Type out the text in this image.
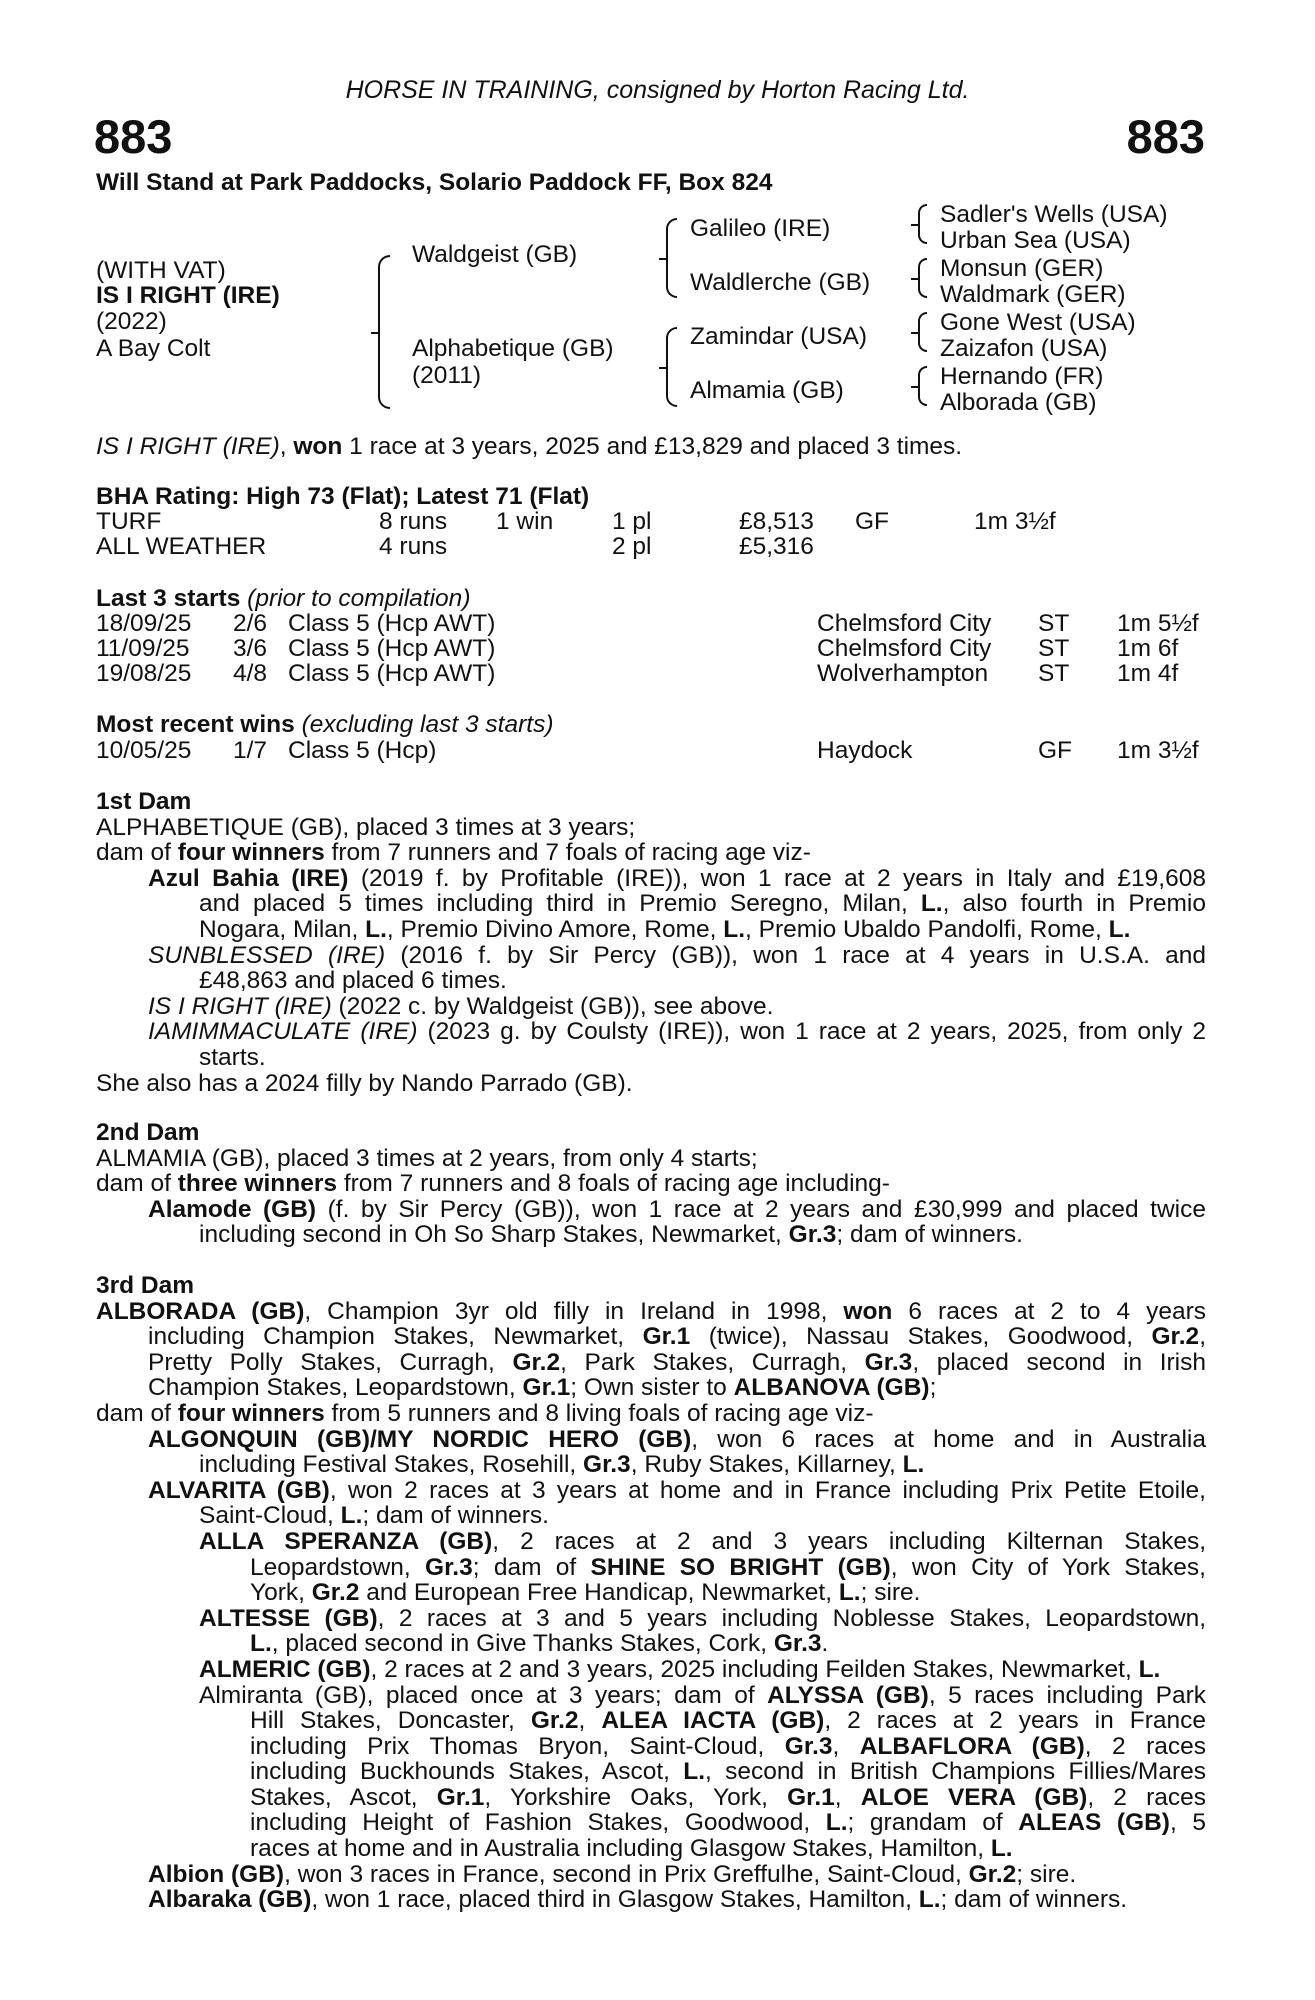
HORSE IN TRAINING, consigned by Horton Racing Ltd.
883	883
Will Stand at Park Paddocks, Solario Paddock FF, Box 824
(WITH VAT)
IS I RIGHT (IRE)
(2022)
A Bay Colt
Waldgeist (GB)
Alphabetique (GB)
(2011)
Galileo (IRE)
Waldlerche (GB)
Zamindar (USA)
Almamia (GB)
Sadler's Wells (USA)
Urban Sea (USA)
Monsun (GER)
Waldmark (GER)
Gone West (USA)
Zaizafon (USA)
Hernando (FR)
Alborada (GB)
IS I RIGHT (IRE), won 1 race at 3 years, 2025 and £13,829 and placed 3 times.
BHA Rating: High 73 (Flat); Latest 71 (Flat)
TURF	8 runs 1 win 1 pl	£8,513 GF	1m 3½f
ALL WEATHER	4 runs	2 pl	£5,316
Last 3 starts (prior to compilation)
18/09/25 2/6 Class 5 (Hcp AWT)	Chelmsford City ST 1m 5½f
11/09/25 3/6 Class 5 (Hcp AWT)	Chelmsford City ST 1m 6f
19/08/25 4/8 Class 5 (Hcp AWT)	Wolverhampton ST 1m 4f
Most recent wins (excluding last 3 starts)
10/05/25 1/7 Class 5 (Hcp)	Haydock	GF 1m 3½f
1st Dam
ALPHABETIQUE (GB), placed 3 times at 3 years;
dam of four winners from 7 runners and 7 foals of racing age viz-
Azul Bahia (IRE) (2019 f. by Profitable (IRE)), won 1 race at 2 years in Italy and £19,608
and placed 5 times including third in Premio Seregno, Milan, L., also fourth in Premio
Nogara, Milan, L., Premio Divino Amore, Rome, L., Premio Ubaldo Pandolfi, Rome, L.
SUNBLESSED (IRE) (2016 f. by Sir Percy (GB)), won 1 race at 4 years in U.S.A. and
£48,863 and placed 6 times.
IS I RIGHT (IRE) (2022 c. by Waldgeist (GB)), see above.
IAMIMMACULATE (IRE) (2023 g. by Coulsty (IRE)), won 1 race at 2 years, 2025, from only 2
starts.
She also has a 2024 filly by Nando Parrado (GB).
2nd Dam
ALMAMIA (GB), placed 3 times at 2 years, from only 4 starts;
dam of three winners from 7 runners and 8 foals of racing age including-
Alamode (GB) (f. by Sir Percy (GB)), won 1 race at 2 years and £30,999 and placed twice
including second in Oh So Sharp Stakes, Newmarket, Gr.3; dam of winners.
3rd Dam
ALBORADA (GB), Champion 3yr old filly in Ireland in 1998, won 6 races at 2 to 4 years
including Champion Stakes, Newmarket, Gr.1 (twice), Nassau Stakes, Goodwood, Gr.2,
Pretty Polly Stakes, Curragh, Gr.2, Park Stakes, Curragh, Gr.3, placed second in Irish
Champion Stakes, Leopardstown, Gr.1; Own sister to ALBANOVA (GB);
dam of four winners from 5 runners and 8 living foals of racing age viz-
ALGONQUIN (GB)/MY NORDIC HERO (GB), won 6 races at home and in Australia
including Festival Stakes, Rosehill, Gr.3, Ruby Stakes, Killarney, L.
ALVARITA (GB), won 2 races at 3 years at home and in France including Prix Petite Etoile,
Saint-Cloud, L.; dam of winners.
ALLA SPERANZA (GB), 2 races at 2 and 3 years including Kilternan Stakes,
Leopardstown, Gr.3; dam of SHINE SO BRIGHT (GB), won City of York Stakes,
York, Gr.2 and European Free Handicap, Newmarket, L.; sire.
ALTESSE (GB), 2 races at 3 and 5 years including Noblesse Stakes, Leopardstown,
L., placed second in Give Thanks Stakes, Cork, Gr.3.
ALMERIC (GB), 2 races at 2 and 3 years, 2025 including Feilden Stakes, Newmarket, L.
Almiranta (GB), placed once at 3 years; dam of ALYSSA (GB), 5 races including Park
Hill Stakes, Doncaster, Gr.2, ALEA IACTA (GB), 2 races at 2 years in France
including Prix Thomas Bryon, Saint-Cloud, Gr.3, ALBAFLORA (GB), 2 races
including Buckhounds Stakes, Ascot, L., second in British Champions Fillies/Mares
Stakes, Ascot, Gr.1, Yorkshire Oaks, York, Gr.1, ALOE VERA (GB), 2 races
including Height of Fashion Stakes, Goodwood, L.; grandam of ALEAS (GB), 5
races at home and in Australia including Glasgow Stakes, Hamilton, L.
Albion (GB), won 3 races in France, second in Prix Greffulhe, Saint-Cloud, Gr.2; sire.
Albaraka (GB), won 1 race, placed third in Glasgow Stakes, Hamilton, L.; dam of winners.
